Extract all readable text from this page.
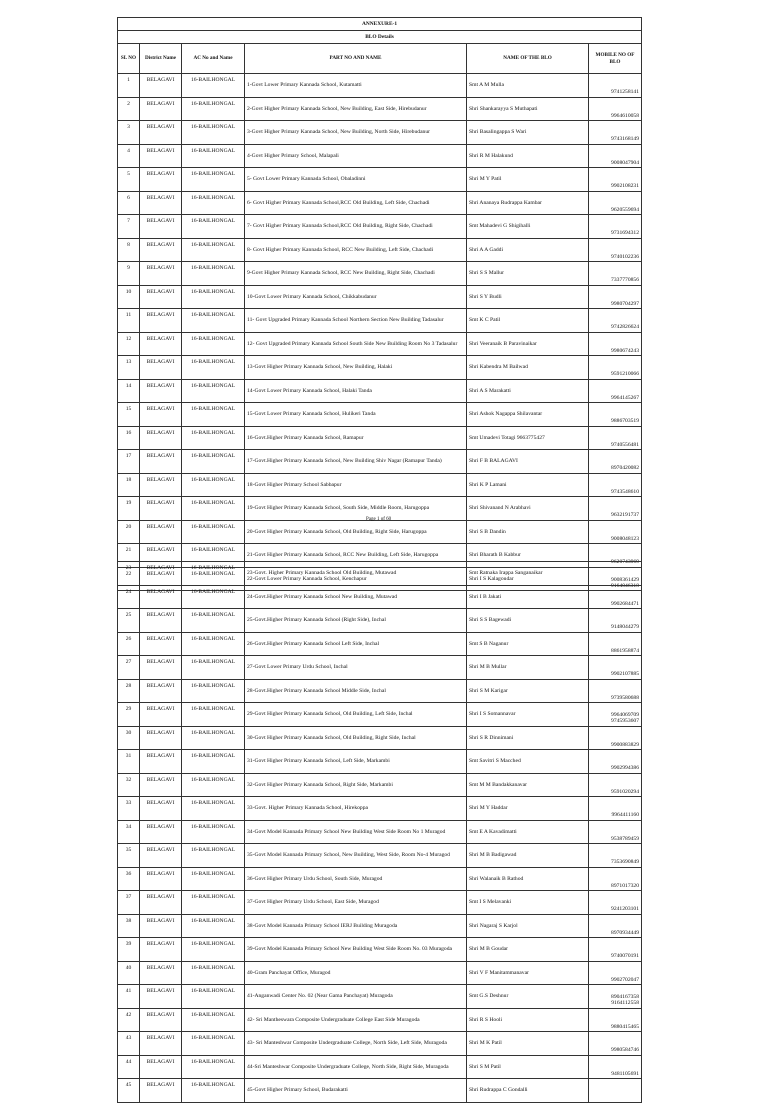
ANNEXURE-1					
BLO Details					
SL NO	District Name	AC No and Name	PART NO AND NAME	NAME OF THE BLO	MOBILE NO OF BLO
1	BELAGAVI	16-BAILHONGAL	1-Govt Lower Primary Kannada School, Kutamatti	Smt A M Mulla	9741258141
2	BELAGAVI	16-BAILHONGAL	2-Govt Higher Primary Kannada School, New Building, East Side, Hirebudanur	Shri Shankarayya S Muthapati	9964610058
3	BELAGAVI	16-BAILHONGAL	3-Govt Higher Primary Kannada School, New Building, North Side, Hirebudanur	Shri Basalingappa S Wari	9743168149
4	BELAGAVI	16-BAILHONGAL	4-Govt Higher Primary School, Malapali	Shri R M Halakund	9008047904
5	BELAGAVI	16-BAILHONGAL	5- Govt Lower Primary Kannada School, Obaladinni	Shri M Y Patil	9902108231
6	BELAGAVI	16-BAILHONGAL	6- Govt Higher Primary Kannada School,RCC Old Building, Left Side, Chachadi	Shri Ananaya Rudrappa Kambar	9620559694
7	BELAGAVI	16-BAILHONGAL	7- Govt Higher Primary Kannada School,RCC Old Building, Right Side, Chachadi	Smt Mahadevi G Shigihalli	9731694312
8	BELAGAVI	16-BAILHONGAL	8- Govt Higher Primary Kannada School, RCC New Building, Left Side, Chachadi	Shri A A Gaddi	9740102236
9	BELAGAVI	16-BAILHONGAL	9-Govt Higher Primary Kannada School, RCC New Building, Right Side, Chachadi	Shri S S Mallur	7337770856
10	BELAGAVI	16-BAILHONGAL	10-Govt Lower Primary Kannada School, Chikkabudanur	Shri S Y Budli	9980704297
11	BELAGAVI	16-BAILHONGAL	11- Govt Upgraded Primary Kannada School Northern Section New Building Tadasalur	Smt K C Patil	9742826624
12	BELAGAVI	16-BAILHONGAL	12- Govt Upgraded Primary Kannada School South Side New Building Room No 3 Tadasalur	Shri Veeranaik B Paravinaikar	9980674243
13	BELAGAVI	16-BAILHONGAL	13-Govt Higher Primary Kannada School, New Building, Halaki	Shri Kabendra M Bailwad	9591210066
14	BELAGAVI	16-BAILHONGAL	14-Govt Lower Primary Kannada School, Halaki Tanda	Shri A S Marakatti	9964145267
15	BELAGAVI	16-BAILHONGAL	15-Govt Lower Primary Kannada School, Hulikeri Tanda	Shri Ashok Nagappa Shilavantar	9886703519
16	BELAGAVI	16-BAILHONGAL	16-Govt.Higher Primary Kannada School, Ramapur	Smt Umadevi Totagi 9663775427	9740556481
17	BELAGAVI	16-BAILHONGAL	17-Govt.Higher Primary Kannada School, New Building Shiv Nagar (Ramapur Tanda)	Shri F B BALAGAVI	8970420082
18	BELAGAVI	16-BAILHONGAL	18-Govt Higher Primary School Sabbapur	Shri K P Lamani	9743548610
19	BELAGAVI	16-BAILHONGAL	19-Govt Higher Primary Kannada School, South Side, Middle Room, Harugoppa	Shri Shivanand N Arabhavi	9632191737
20	BELAGAVI	16-BAILHONGAL	20-Govt Higher Primary Kannada School, Old Building, Right Side, Harugoppa	Shri S B Dandin	9008048123
21	BELAGAVI	16-BAILHONGAL	21-Govt Higher Primary Kannada School, RCC New Building, Left Side, Harugoppa	Shri Bharath B Kabbur	9620743969
22	BELAGAVI	16-BAILHONGAL	22-Govt Lower Primary Kannada School, Kenchapur	Shri I S Kalagoudar	9164046318
Page 1 of 60
23	BELAGAVI	16-BAILHONGAL	23-Govt. Higher Primary Kannada School Old Building, Mutawad	Smt Ratnaka Irappa Sanganaikar	9008361429
24	BELAGAVI	16-BAILHONGAL	24-Govt.Higher Primary Kannada School New Building, Mutawad	Shri I B Jakati	9902684471
25	BELAGAVI	16-BAILHONGAL	25-Govt.Higher Primary Kannada School (Right Side), Inchal	Shri S S Bagewadi	9148044279
26	BELAGAVI	16-BAILHONGAL	26-Govt.Higher Primary Kannada School Left Side, Inchal	Smt S B Naganur	8861958874
27	BELAGAVI	16-BAILHONGAL	27-Govt Lower Primary Urdu School, Inchal	Shri M B Mullar	9902107885
28	BELAGAVI	16-BAILHONGAL	28-Govt.Higher Primary Kannada School Middle Side, Inchal	Shri S M Karigar	9739580688
29	BELAGAVI	16-BAILHONGAL	29-Govt Higher Primary Kannada School, Old Building, Left Side, Inchal	Shri I S Somannavar	9964069709 9745953607
30	BELAGAVI	16-BAILHONGAL	30-Govt Higher Primary Kannada School, Old Building, Right Side, Inchal	Shri S R Dinnimani	9900883829
31	BELAGAVI	16-BAILHONGAL	31-Govt Higher Primary Kannada School, Left Side, Markambi	Smt Savitri S Macched	9902994386
32	BELAGAVI	16-BAILHONGAL	32-Govt Higher Primary Kannada School, Right Side, Markambi	Smt M M Bandakkanavar	9591020294
33	BELAGAVI	16-BAILHONGAL	33-Govt. Higher Primary Kannada School, Hirekoppa	Shri M Y Haddar	9964411160
34	BELAGAVI	16-BAILHONGAL	34-Govt Model Kannada Primary School New Building West Side Room No 1 Muragod	Smt E A Kavadimatti	9538789459
35	BELAGAVI	16-BAILHONGAL	35-Govt Model Kannada Primary School, New Building, West Side, Room No-4 Muragod	Shri M B Badigawad	7353690849
36	BELAGAVI	16-BAILHONGAL	36-Govt Higher Primary Urdu School, South Side, Muragod	Shri Walanaik B Rathod	8971017320
37	BELAGAVI	16-BAILHONGAL	37-Govt Higher Primary Urdu School, East Side, Muragod	Smt I S Melavanki	9241203101
38	BELAGAVI	16-BAILHONGAL	38-Govt Model Kannada Primary School IERJ Building Muragoda	Shri Nagaraj S Karjol	8970934449
39	BELAGAVI	16-BAILHONGAL	39-Govt Model Kannada Primary School New Building West Side Room No. 03 Muragoda	Shri M B Goudar	9740070191
40	BELAGAVI	16-BAILHONGAL	40-Gram Panchayat Office, Muragod	Shri V F Manitammanavar	9902702047
41	BELAGAVI	16-BAILHONGAL	41-Anganwadi Center No. 02 (Near Gama Panchayat) Muragoda	Smt G.S Deshnur	8904167358 9164112558
42	BELAGAVI	16-BAILHONGAL	42- Sri Mantheswara Composite Undergraduate College East Side Muragoda	Shri R S Hooli	9880415465
43	BELAGAVI	16-BAILHONGAL	43- Sri Manteshwar Composite Undergraduate College, North Side, Left Side, Muragoda	Shri M K Patil	9980584746
44	BELAGAVI	16-BAILHONGAL	44-Sri Manteshwar Composite Undergraduate College, North Side, Right Side, Muragoda	Shri S M Patil	9481105691
45	BELAGAVI	16-BAILHONGAL	45-Govt Higher Primary School, Budarakatti	Shri Rudrappa C Gondalli	
